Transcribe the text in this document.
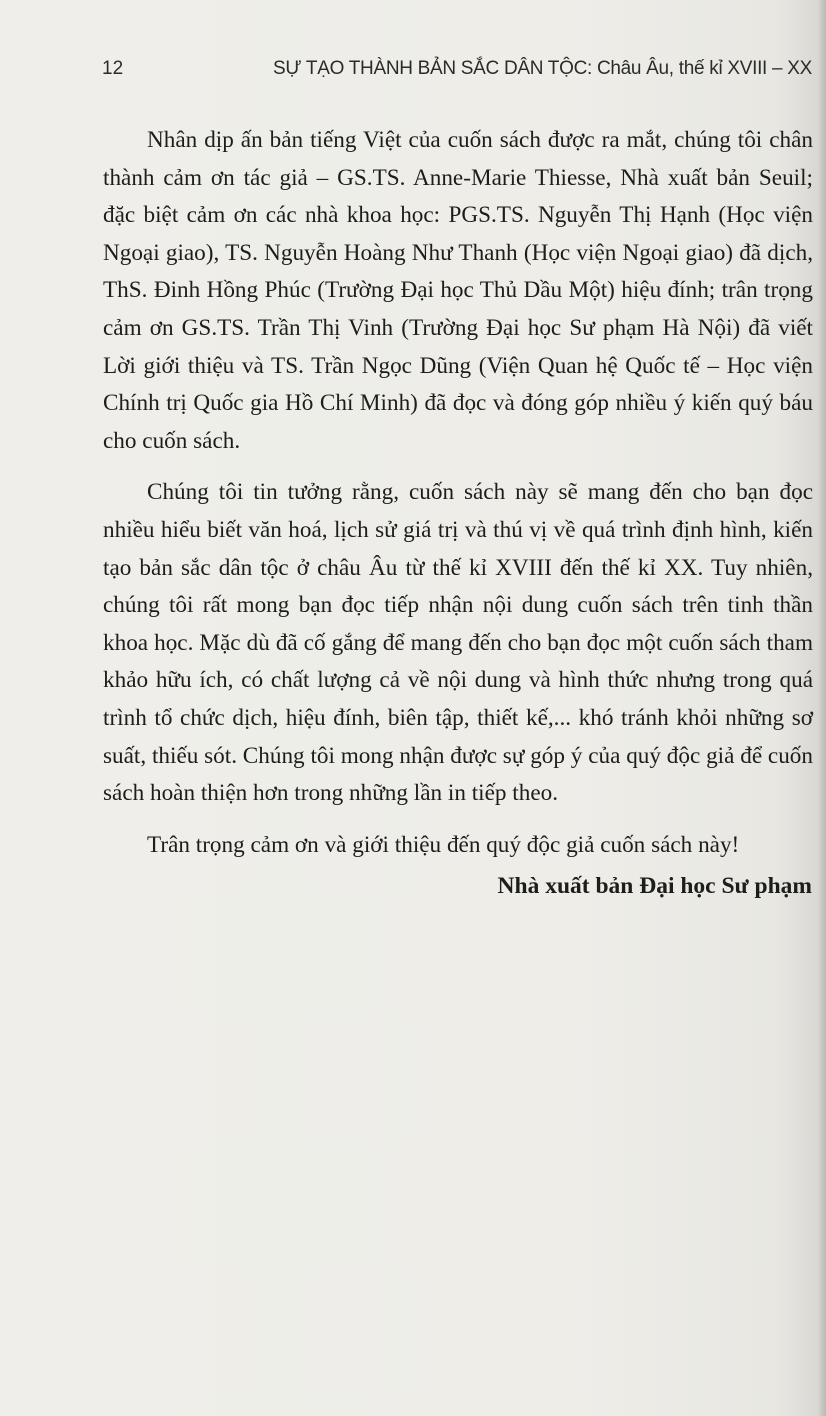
12	SỰ TẠO THÀNH BẢN SẮC DÂN TỘC: Châu Âu, thế kỉ XVIII – XX

Nhân dịp ấn bản tiếng Việt của cuốn sách được ra mắt, chúng tôi chân thành cảm ơn tác giả – GS.TS. Anne-Marie Thiesse, Nhà xuất bản Seuil; đặc biệt cảm ơn các nhà khoa học: PGS.TS. Nguyễn Thị Hạnh (Học viện Ngoại giao), TS. Nguyễn Hoàng Như Thanh (Học viện Ngoại giao) đã dịch, ThS. Đinh Hồng Phúc (Trường Đại học Thủ Dầu Một) hiệu đính; trân trọng cảm ơn GS.TS. Trần Thị Vinh (Trường Đại học Sư phạm Hà Nội) đã viết Lời giới thiệu và TS. Trần Ngọc Dũng (Viện Quan hệ Quốc tế – Học viện Chính trị Quốc gia Hồ Chí Minh) đã đọc và đóng góp nhiều ý kiến quý báu cho cuốn sách.

Chúng tôi tin tưởng rằng, cuốn sách này sẽ mang đến cho bạn đọc nhiều hiểu biết văn hoá, lịch sử giá trị và thú vị về quá trình định hình, kiến tạo bản sắc dân tộc ở châu Âu từ thế kỉ XVIII đến thế kỉ XX. Tuy nhiên, chúng tôi rất mong bạn đọc tiếp nhận nội dung cuốn sách trên tinh thần khoa học. Mặc dù đã cố gắng để mang đến cho bạn đọc một cuốn sách tham khảo hữu ích, có chất lượng cả về nội dung và hình thức nhưng trong quá trình tổ chức dịch, hiệu đính, biên tập, thiết kế,... khó tránh khỏi những sơ suất, thiếu sót. Chúng tôi mong nhận được sự góp ý của quý độc giả để cuốn sách hoàn thiện hơn trong những lần in tiếp theo.

Trân trọng cảm ơn và giới thiệu đến quý độc giả cuốn sách này!

Nhà xuất bản Đại học Sư phạm
